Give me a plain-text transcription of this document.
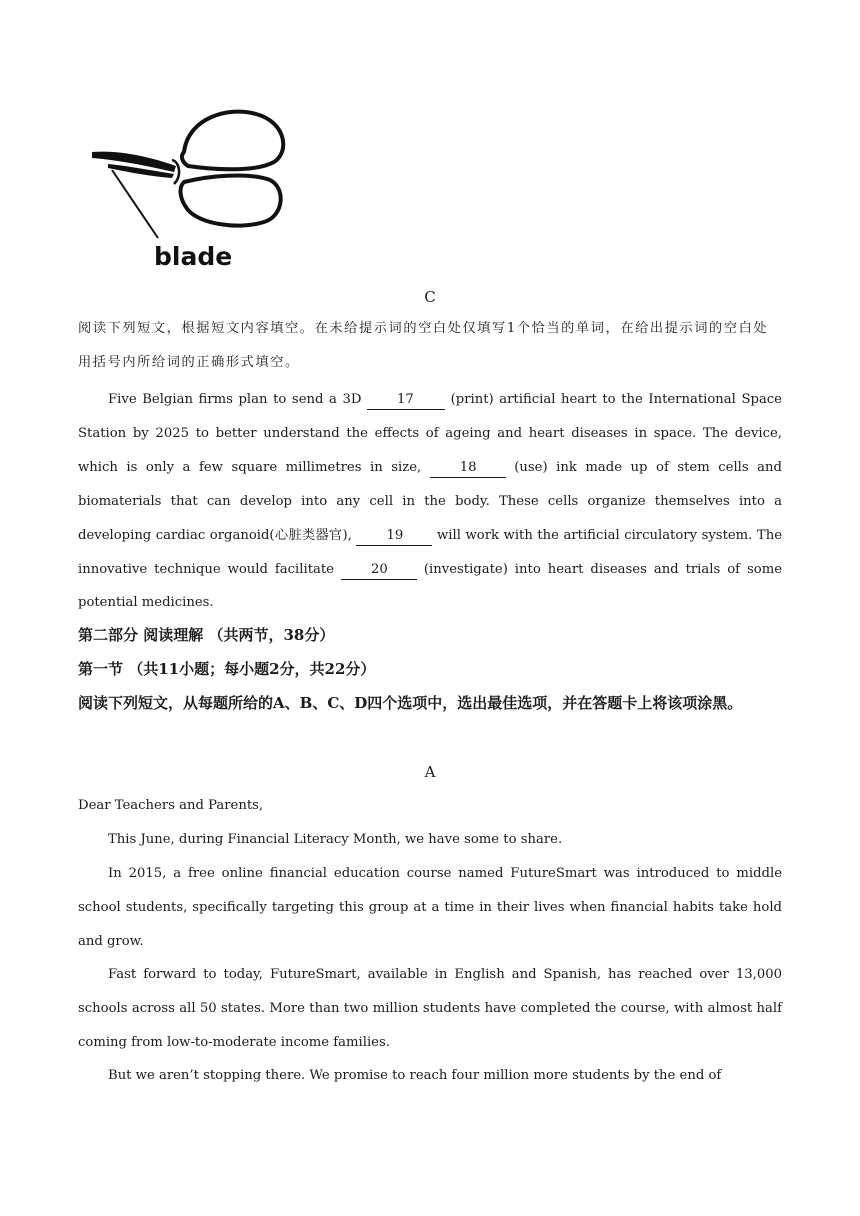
blade
C
阅读下列短文，根据短文内容填空。在未给提示词的空白处仅填写1个恰当的单词，在给出提示词的空白处用括号内所给词的正确形式填空。
Five Belgian firms plan to send a 3D	17	(print) artificial heart to the International Space Station by 2025 to better understand the effects of ageing and heart diseases in space. The device, which is only a few square millimetres in size,	18	(use) ink made up of stem cells and biomaterials that can develop into any cell in the body. These cells organize themselves into a developing cardiac organoid(心脏类器官),	19	will work with the artificial circulatory system. The innovative technique would facilitate	20	(investigate) into heart diseases and trials of some potential medicines.
第二部分 阅读理解 （共两节，38分）
第一节 （共11小题；每小题2分，共22分）
阅读下列短文，从每题所给的A、B、C、D四个选项中，选出最佳选项，并在答题卡上将该项涂黑。
A
Dear Teachers and Parents,
This June, during Financial Literacy Month, we have some to share.
In 2015, a free online financial education course named FutureSmart was introduced to middle school students, specifically targeting this group at a time in their lives when financial habits take hold and grow.
Fast forward to today, FutureSmart, available in English and Spanish, has reached over 13,000 schools across all 50 states. More than two million students have completed the course, with almost half coming from low-to-moderate income families.
But we aren’t stopping there. We promise to reach four million more students by the end of
